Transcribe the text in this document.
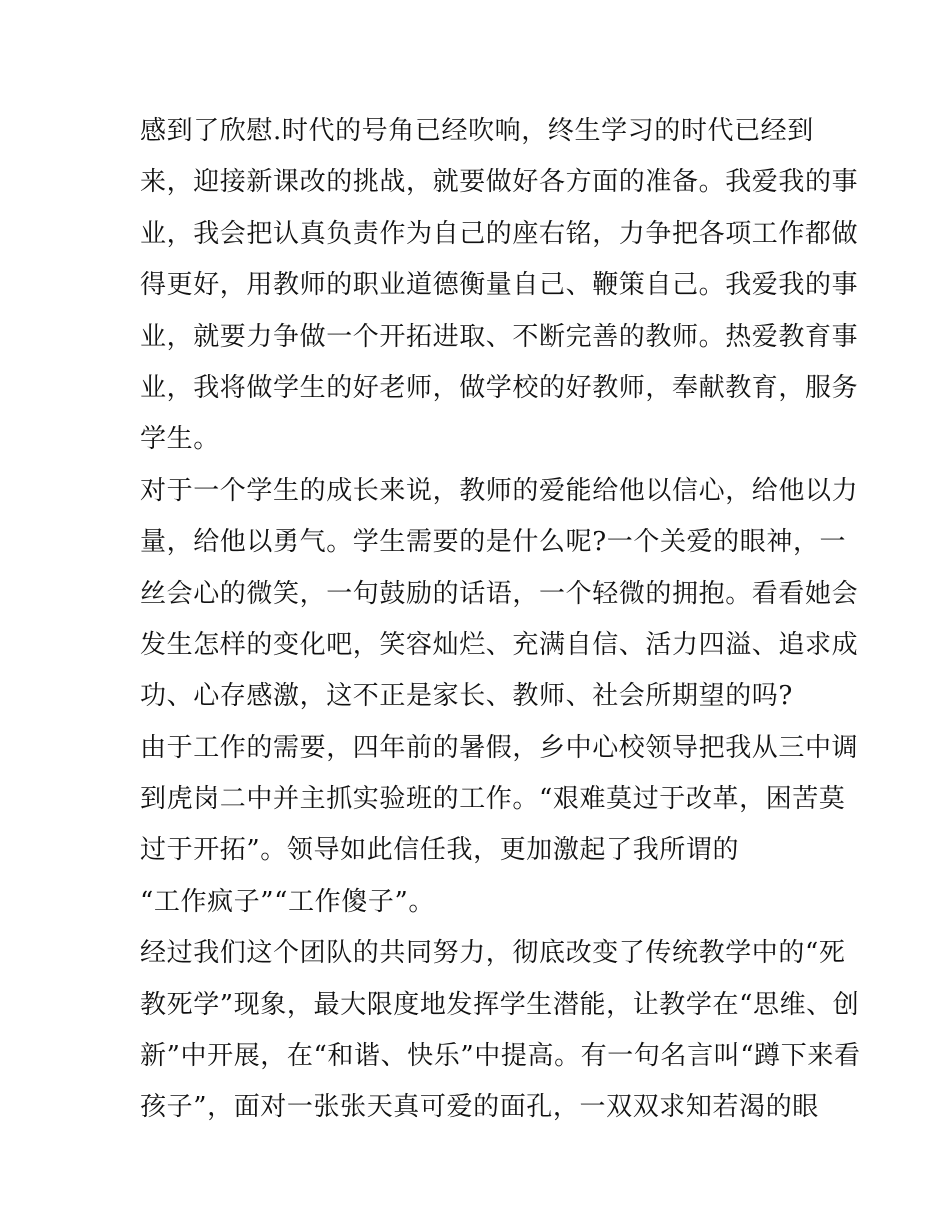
感到了欣慰.时代的号角已经吹响，终生学习的时代已经到
来，迎接新课改的挑战，就要做好各方面的准备。我爱我的事
业，我会把认真负责作为自己的座右铭，力争把各项工作都做
得更好，用教师的职业道德衡量自己、鞭策自己。我爱我的事
业，就要力争做一个开拓进取、不断完善的教师。热爱教育事
业，我将做学生的好老师，做学校的好教师，奉献教育，服务
学生。
对于一个学生的成长来说，教师的爱能给他以信心，给他以力
量，给他以勇气。学生需要的是什么呢?一个关爱的眼神，一
丝会心的微笑，一句鼓励的话语，一个轻微的拥抱。看看她会
发生怎样的变化吧，笑容灿烂、充满自信、活力四溢、追求成
功、心存感激，这不正是家长、教师、社会所期望的吗?
由于工作的需要，四年前的暑假，乡中心校领导把我从三中调
到虎岗二中并主抓实验班的工作。“艰难莫过于改革，困苦莫
过于开拓”。领导如此信任我，更加激起了我所谓的
“工作疯子”“工作傻子”。
经过我们这个团队的共同努力，彻底改变了传统教学中的“死
教死学”现象，最大限度地发挥学生潜能，让教学在“思维、创
新”中开展，在“和谐、快乐”中提高。有一句名言叫“蹲下来看
孩子”，面对一张张天真可爱的面孔，一双双求知若渴的眼
